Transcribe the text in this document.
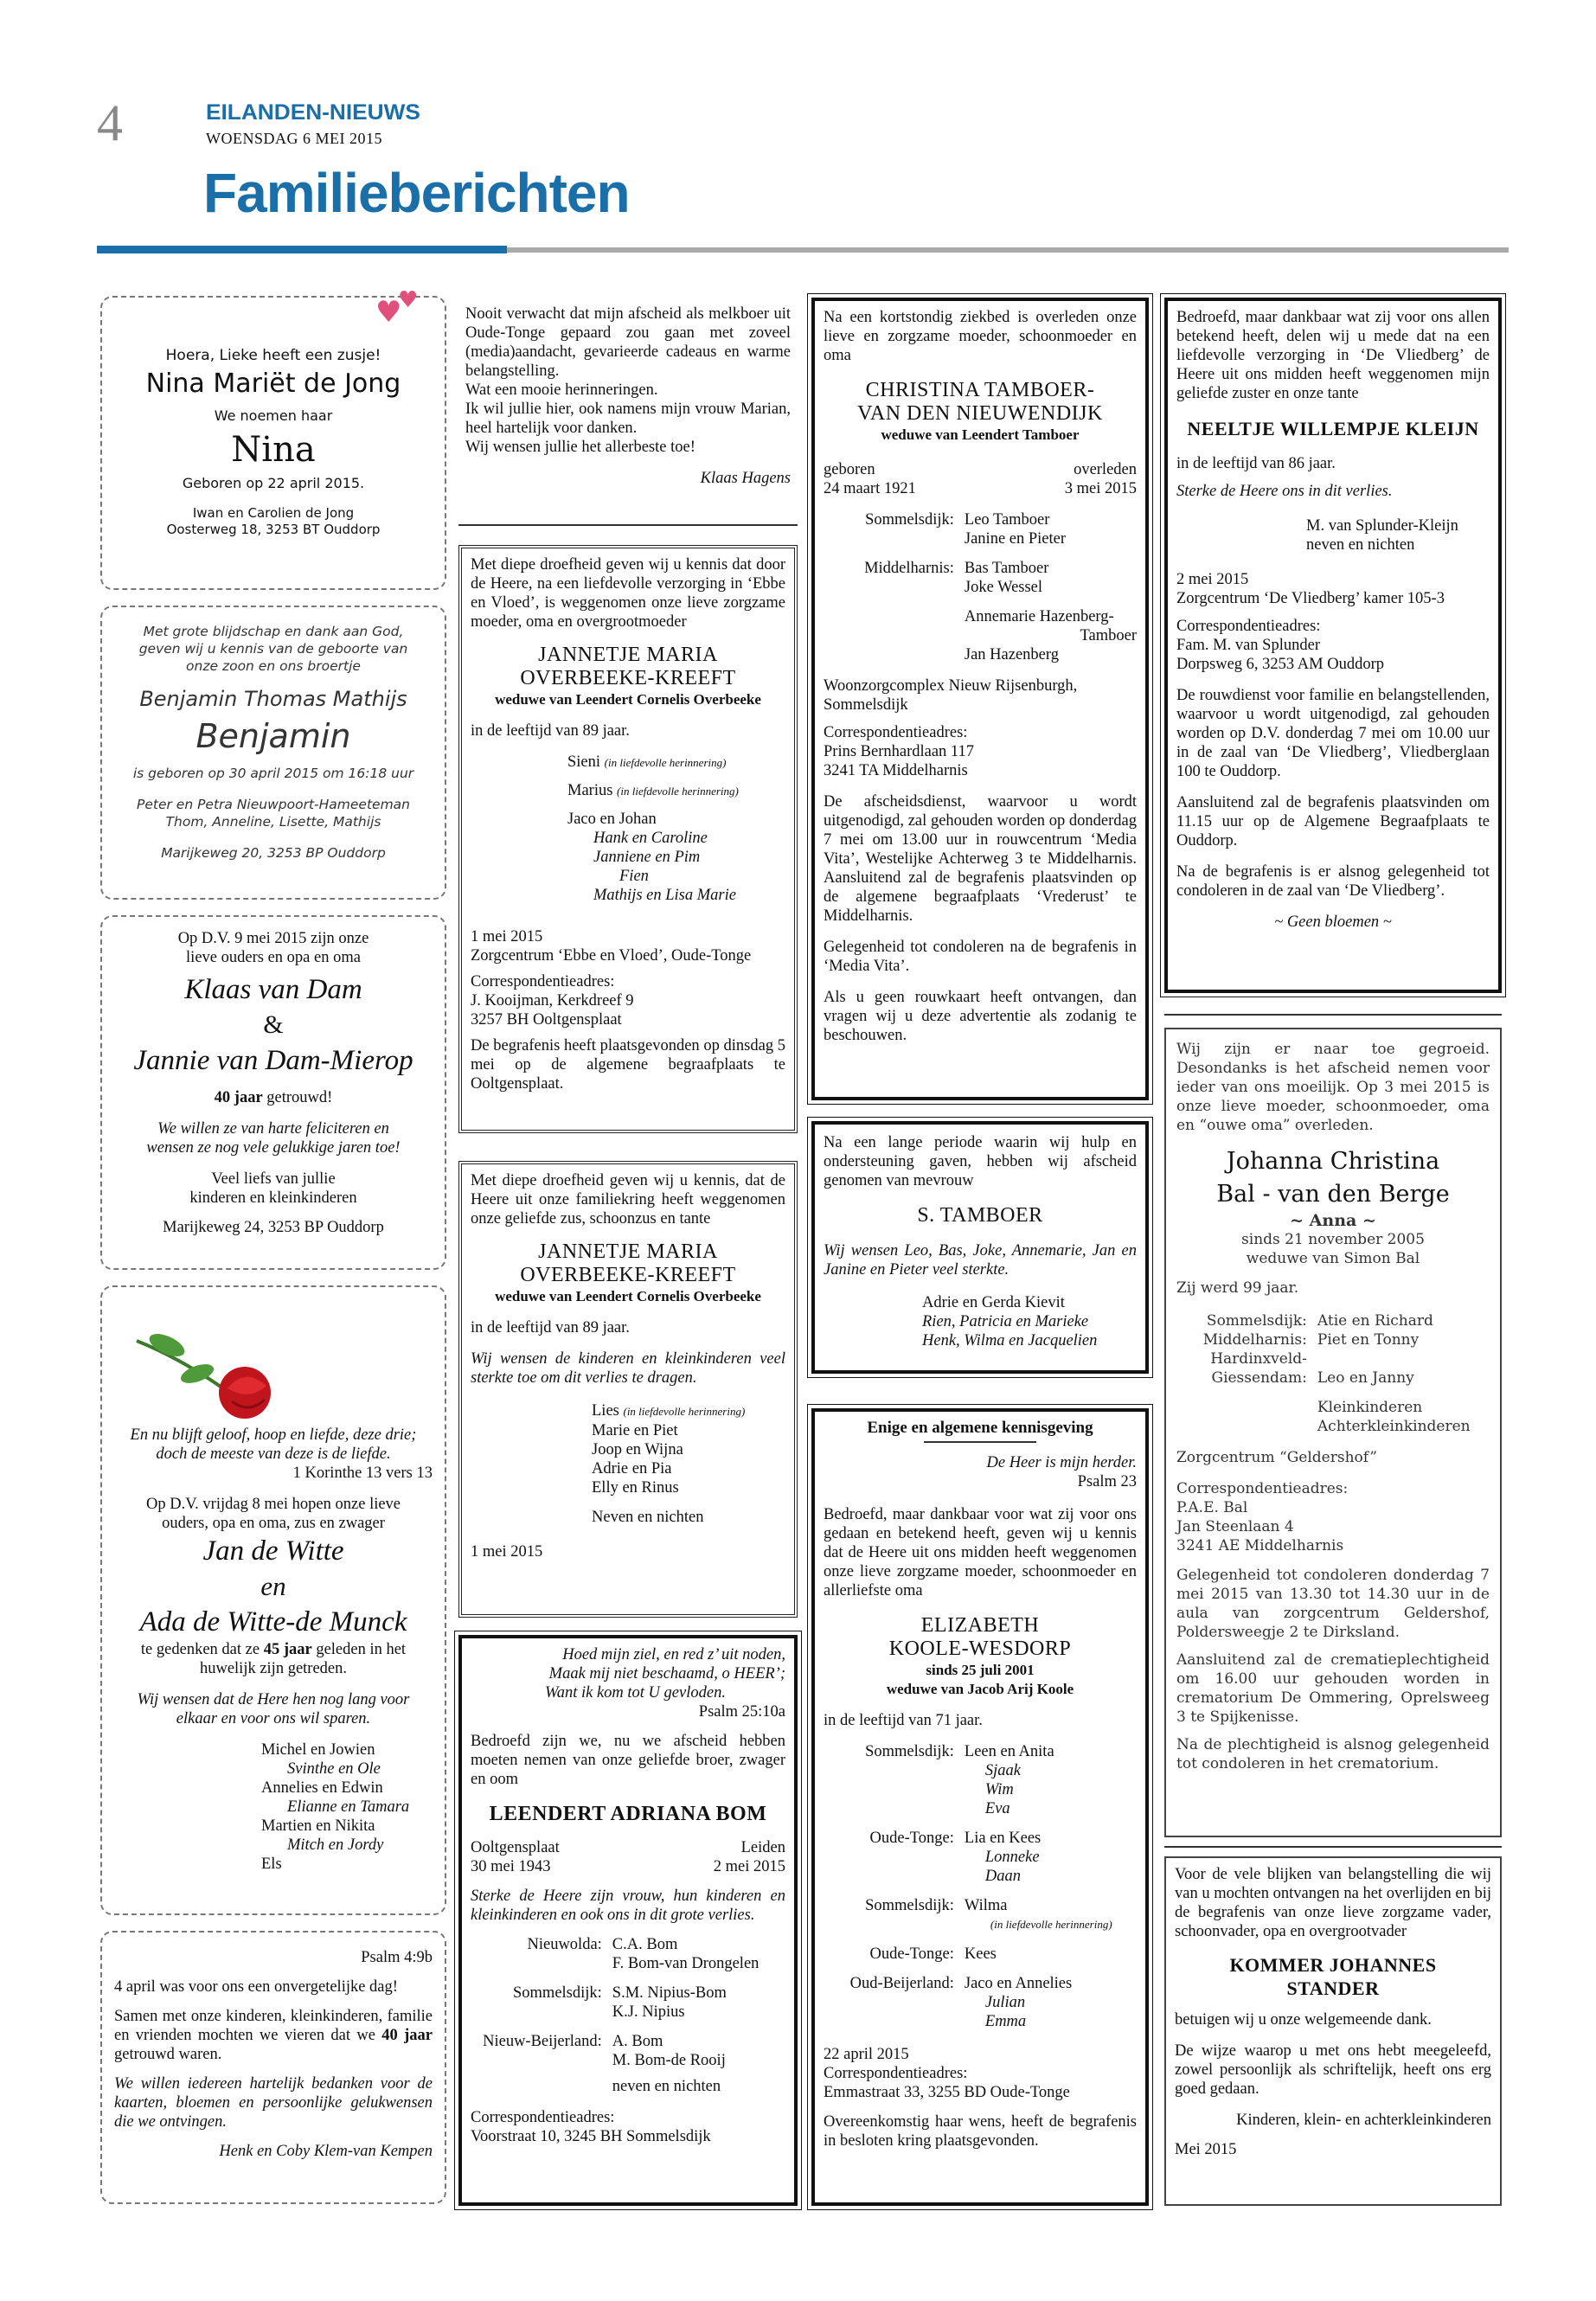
4	EILANDEN-NIEUWS
WOENSDAG 6 MEI 2015
Familieberichten
♥
♥
Hoera, Lieke heeft een zusje!
Nina Mariët de Jong
We noemen haar
Nina
Geboren op 22 april 2015.
Iwan en Carolien de Jong
Oosterweg 18, 3253 BT Ouddorp
Met grote blijdschap en dank aan God,
geven wij u kennis van de geboorte van
onze zoon en ons broertje
Benjamin Thomas Mathijs
Benjamin
is geboren op 30 april 2015 om 16:18 uur
Peter en Petra Nieuwpoort-Hameeteman
Thom, Anneline, Lisette, Mathijs
Marijkeweg 20, 3253 BP Ouddorp
Op D.V. 9 mei 2015 zijn onze
lieve ouders en opa en oma
Klaas van Dam
&
Jannie van Dam-Mierop
40 jaar getrouwd!
We willen ze van harte feliciteren en
wensen ze nog vele gelukkige jaren toe!
Veel liefs van jullie
kinderen en kleinkinderen
Marijkeweg 24, 3253 BP Ouddorp
En nu blijft geloof, hoop en liefde, deze drie;
doch de meeste van deze is de liefde.
1 Korinthe 13 vers 13
Op D.V. vrijdag 8 mei hopen onze lieve
ouders, opa en oma, zus en zwager
Jan de Witte
en
Ada de Witte-de Munck
te gedenken dat ze 45 jaar geleden in het
huwelijk zijn getreden.
Wij wensen dat de Here hen nog lang voor
elkaar en voor ons wil sparen.
Michel en Jowien
Svinthe en Ole
Annelies en Edwin
Elianne en Tamara
Martien en Nikita
Mitch en Jordy
Els
Psalm 4:9b
4 april was voor ons een onvergetelijke dag!
Samen met onze kinderen, kleinkinderen, familie en vrienden mochten we vieren dat we 40 jaar getrouwd waren.
We willen iedereen hartelijk bedanken voor de kaarten, bloemen en persoonlijke gelukwensen die we ontvingen.
Henk en Coby Klem-van Kempen
Nooit verwacht dat mijn afscheid als melkboer uit Oude-Tonge gepaard zou gaan met zoveel (media)aandacht, gevarieerde cadeaus en warme belangstelling.
Wat een mooie herinneringen.
Ik wil jullie hier, ook namens mijn vrouw Marian, heel hartelijk voor danken.
Wij wensen jullie het allerbeste toe!
Klaas Hagens
Met diepe droefheid geven wij u kennis dat door de Heere, na een liefdevolle verzorging in ‘Ebbe en Vloed’, is weggenomen onze lieve zorgzame moeder, oma en overgrootmoeder
JANNETJE MARIA
OVERBEEKE-KREEFT
weduwe van Leendert Cornelis Overbeeke
in de leeftijd van 89 jaar.
Sieni (in liefdevolle herinnering)
Marius (in liefdevolle herinnering)
Jaco en Johan
Hank en Caroline
Janniene en Pim
Fien
Mathijs en Lisa Marie
1 mei 2015
Zorgcentrum ‘Ebbe en Vloed’, Oude-Tonge
Correspondentieadres:
J. Kooijman, Kerkdreef 9
3257 BH Ooltgensplaat
De begrafenis heeft plaatsgevonden op dinsdag 5 mei op de algemene begraafplaats te Ooltgensplaat.
Met diepe droefheid geven wij u kennis, dat de Heere uit onze familiekring heeft weggenomen onze geliefde zus, schoonzus en tante
JANNETJE MARIA
OVERBEEKE-KREEFT
weduwe van Leendert Cornelis Overbeeke
in de leeftijd van 89 jaar.
Wij wensen de kinderen en kleinkinderen veel sterkte toe om dit verlies te dragen.
Lies (in liefdevolle herinnering)
Marie en Piet
Joop en Wijna
Adrie en Pia
Elly en Rinus
Neven en nichten
1 mei 2015
Hoed mijn ziel, en red z’ uit noden,
Maak mij niet beschaamd, o HEER’;
Want ik kom tot U gevloden.
Psalm 25:10a
Bedroefd zijn we, nu we afscheid hebben moeten nemen van onze geliefde broer, zwager en oom
LEENDERT ADRIANA BOM
Ooltgensplaat	Leiden
30 mei 1943	2 mei 2015
Sterke de Heere zijn vrouw, hun kinderen en kleinkinderen en ook ons in dit grote verlies.
Nieuwolda: C.A. Bom
F. Bom-van Drongelen
Sommelsdijk: S.M. Nipius-Bom
K.J. Nipius
Nieuw-Beijerland: A. Bom
M. Bom-de Rooij
neven en nichten
Correspondentieadres:
Voorstraat 10, 3245 BH Sommelsdijk
Na een kortstondig ziekbed is overleden onze lieve en zorgzame moeder, schoonmoeder en oma
CHRISTINA TAMBOER-
VAN DEN NIEUWENDIJK
weduwe van Leendert Tamboer
geboren	overleden
24 maart 1921	3 mei 2015
Sommelsdijk: Leo Tamboer
Janine en Pieter
Middelharnis: Bas Tamboer
Joke Wessel
Annemarie Hazenberg-
Tamboer
Jan Hazenberg
Woonzorgcomplex Nieuw Rijsenburgh,
Sommelsdijk
Correspondentieadres:
Prins Bernhardlaan 117
3241 TA Middelharnis
De afscheidsdienst, waarvoor u wordt uitgenodigd, zal gehouden worden op donderdag 7 mei om 13.00 uur in rouwcentrum ‘Media Vita’, Westelijke Achterweg 3 te Middelharnis. Aansluitend zal de begrafenis plaatsvinden op de algemene begraafplaats ‘Vrederust’ te Middelharnis.
Gelegenheid tot condoleren na de begrafenis in ‘Media Vita’.
Als u geen rouwkaart heeft ontvangen, dan vragen wij u deze advertentie als zodanig te beschouwen.
Na een lange periode waarin wij hulp en ondersteuning gaven, hebben wij afscheid genomen van mevrouw
S. TAMBOER
Wij wensen Leo, Bas, Joke, Annemarie, Jan en Janine en Pieter veel sterkte.
Adrie en Gerda Kievit
Rien, Patricia en Marieke
Henk, Wilma en Jacquelien
Enige en algemene kennisgeving
De Heer is mijn herder.
Psalm 23
Bedroefd, maar dankbaar voor wat zij voor ons gedaan en betekend heeft, geven wij u kennis dat de Heere uit ons midden heeft weggenomen onze lieve zorgzame moeder, schoonmoeder en allerliefste oma
ELIZABETH
KOOLE-WESDORP
sinds 25 juli 2001
weduwe van Jacob Arij Koole
in de leeftijd van 71 jaar.
Sommelsdijk: Leen en Anita
Sjaak
Wim
Eva
Oude-Tonge: Lia en Kees
Lonneke
Daan
Sommelsdijk: Wilma
(in liefdevolle herinnering)
Oude-Tonge: Kees
Oud-Beijerland: Jaco en Annelies
Julian
Emma
22 april 2015
Correspondentieadres:
Emmastraat 33, 3255 BD Oude-Tonge
Overeenkomstig haar wens, heeft de begrafenis in besloten kring plaatsgevonden.
Bedroefd, maar dankbaar wat zij voor ons allen betekend heeft, delen wij u mede dat na een liefdevolle verzorging in ‘De Vliedberg’ de Heere uit ons midden heeft weggenomen mijn geliefde zuster en onze tante
NEELTJE WILLEMPJE KLEIJN
in de leeftijd van 86 jaar.
Sterke de Heere ons in dit verlies.
M. van Splunder-Kleijn
neven en nichten
2 mei 2015
Zorgcentrum ‘De Vliedberg’ kamer 105-3
Correspondentieadres:
Fam. M. van Splunder
Dorpsweg 6, 3253 AM Ouddorp
De rouwdienst voor familie en belangstellenden, waarvoor u wordt uitgenodigd, zal gehouden worden op D.V. donderdag 7 mei om 10.00 uur in de zaal van ‘De Vliedberg’, Vliedberglaan 100 te Ouddorp.
Aansluitend zal de begrafenis plaatsvinden om 11.15 uur op de Algemene Begraafplaats te Ouddorp.
Na de begrafenis is er alsnog gelegenheid tot condoleren in de zaal van ‘De Vliedberg’.
~ Geen bloemen ~
Wij zijn er naar toe gegroeid. Desondanks is het afscheid nemen voor ieder van ons moeilijk. Op 3 mei 2015 is onze lieve moeder, schoonmoeder, oma en “ouwe oma” overleden.
Johanna Christina
Bal - van den Berge
~ Anna ~
sinds 21 november 2005
weduwe van Simon Bal
Zij werd 99 jaar.
Sommelsdijk: Atie en Richard
Middelharnis: Piet en Tonny
Hardinxveld-
Giessendam: Leo en Janny
Kleinkinderen
Achterkleinkinderen
Zorgcentrum “Geldershof”
Correspondentieadres:
P.A.E. Bal
Jan Steenlaan 4
3241 AE Middelharnis
Gelegenheid tot condoleren donderdag 7 mei 2015 van 13.30 tot 14.30 uur in de aula van zorgcentrum Geldershof, Poldersweegje 2 te Dirksland.
Aansluitend zal de crematieplechtigheid om 16.00 uur gehouden worden in crematorium De Ommering, Oprelsweeg 3 te Spijkenisse.
Na de plechtigheid is alsnog gelegenheid tot condoleren in het crematorium.
Voor de vele blijken van belangstelling die wij van u mochten ontvangen na het overlijden en bij de begrafenis van onze lieve zorgzame vader, schoonvader, opa en overgrootvader
KOMMER JOHANNES
STANDER
betuigen wij u onze welgemeende dank.
De wijze waarop u met ons hebt meegeleefd, zowel persoonlijk als schriftelijk, heeft ons erg goed gedaan.
Kinderen, klein- en achterkleinkinderen
Mei 2015
